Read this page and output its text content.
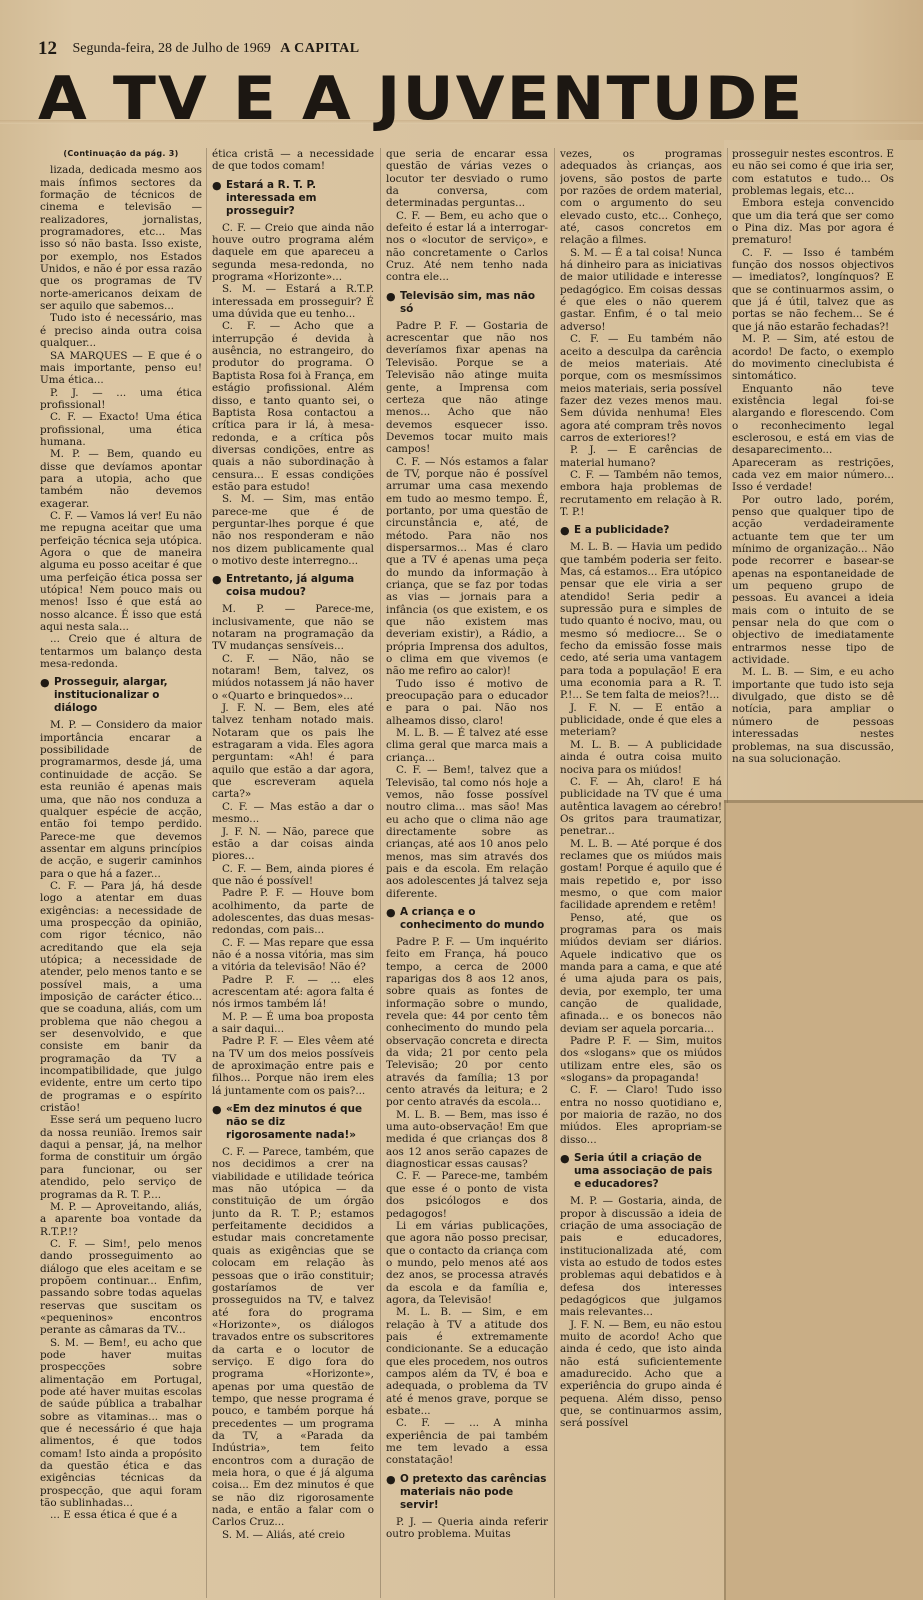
12 Segunda-feira, 28 de Julho de 1969 A CAPITAL
A TV E A JUVENTUDE
(Continuação da pág. 3)

lizada, dedicada mesmo aos mais ínfimos sectores da formação de técnicos de cinema e televisão — realizadores, jornalistas, programadores, etc... Mas isso só não basta. Isso existe, por exemplo, nos Estados Unidos, e não é por essa razão que os programas de TV norte-americanos deixam de ser aquilo que sabemos...

Tudo isto é necessário, mas é preciso ainda outra coisa qualquer...

SA MARQUES — E que é o mais importante, penso eu! Uma ética...

P. J. — ... uma ética profissional!

C. F. — Exacto! Uma ética profissional, uma ética humana.

M. P. — Bem, quando eu disse que devíamos apontar para a utopia, acho que também não devemos exagerar.

C. F. — Vamos lá ver! Eu não me repugna aceitar que uma perfeição técnica seja utópica. Agora o que de maneira alguma eu posso aceitar é que uma perfeição ética possa ser utópica! Nem pouco mais ou menos! Isso é que está ao nosso alcance. É isso que está aqui nesta sala...

... Creio que é altura de tentarmos um balanço desta mesa-redonda.

● Prosseguir, alargar, institucionalizar o diálogo

M. P. — Considero da maior importância encarar a possibilidade de programarmos, desde já, uma continuidade de acção. Se esta reunião é apenas mais uma, que não nos conduza a qualquer espécie de acção, então foi tempo perdido. Parece-me que devemos assentar em alguns princípios de acção, e sugerir caminhos para o que há a fazer...

C. F. — Para já, há desde logo a atentar em duas exigências: a necessidade de uma prospecção da opinião, com rigor técnico, não acreditando que ela seja utópica; a necessidade de atender, pelo menos tanto e se possível mais, a uma imposição de carácter ético... que se coaduna, aliás, com um problema que não chegou a ser desenvolvido, e que consiste em banir da programação da TV a incompatibilidade, que julgo evidente, entre um certo tipo de programas e o espírito cristão!

Esse será um pequeno lucro da nossa reunião. Iremos sair daqui a pensar, já, na melhor forma de constituir um órgão para funcionar, ou ser atendido, pelo serviço de programas da R. T. P....

M. P. — Aproveitando, aliás, a aparente boa vontade da R.T.P.!?

C. F. — Sim!, pelo menos dando prosseguimento ao diálogo que eles aceitam e se propõem continuar... Enfim, passando sobre todas aquelas reservas que suscitam os «pequeninos» encontros perante as câmaras da TV...

S. M. — Bem!, eu acho que pode haver muitas prospecções sobre alimentação em Portugal, pode até haver muitas escolas de saúde pública a trabalhar sobre as vitaminas... mas o que é necessário é que haja alimentos, é que todos comam! Isto ainda a propósito da questão ética e das exigências técnicas da prospecção, que aqui foram tão sublinhadas...

... E essa ética é que é a

ética cristã — a necessidade de que todos comam!

● Estará a R. T. P. interessada em prosseguir?

C. F. — Creio que ainda não houve outro programa além daquele em que apareceu a segunda mesa-redonda, no programa «Horizonte»...

S. M. — Estará a R.T.P. interessada em prosseguir? É uma dúvida que eu tenho...

C. F. — Acho que a interrupção é devida à ausência, no estrangeiro, do produtor do programa. O Baptista Rosa foi à França, em estágio profissional. Além disso, e tanto quanto sei, o Baptista Rosa contactou a crítica para ir lá, à mesa-redonda, e a crítica pôs diversas condições, entre as quais a não subordinação à censura... E essas condições estão para estudo!

S. M. — Sim, mas então parece-me que é de perguntar-lhes porque é que não nos responderam e não nos dizem publicamente qual o motivo deste interregno...

● Entretanto, já alguma coisa mudou?

M. P. — Parece-me, inclusivamente, que não se notaram na programação da TV mudanças sensíveis...

C. F. — Não, não se notaram! Bem, talvez, os miúdos notassem já não haver o «Quarto e brinquedos»...

J. F. N. — Bem, eles até talvez tenham notado mais. Notaram que os pais lhe estragaram a vida. Eles agora perguntam: «Ah! é para aquilo que estão a dar agora, que escreveram aquela carta?»

C. F. — Mas estão a dar o mesmo...

J. F. N. — Não, parece que estão a dar coisas ainda piores...

C. F. — Bem, ainda piores é que não é possível!

Padre P. F. — Houve bom acolhimento, da parte de adolescentes, das duas mesas-redondas, com pais...

C. F. — Mas repare que essa não é a nossa vitória, mas sim a vitória da televisão! Não é?

Padre P. F. — ... eles acrescentam até: agora falta é nós irmos também lá!

M. P. — É uma boa proposta a sair daqui...

Padre P. F. — Eles vêem até na TV um dos meios possíveis de aproximação entre pais e filhos... Porque não irem eles lá juntamente com os pais?...

● «Em dez minutos é que não se diz rigorosamente nada!»

C. F. — Parece, também, que nos decidimos a crer na viabilidade e utilidade teórica mas não utópica — da constituição de um órgão junto da R. T. P.; estamos perfeitamente decididos a estudar mais concretamente quais as exigências que se colocam em relação às pessoas que o irão constituir; gostaríamos de ver prosseguidos na TV, e talvez até fora do programa «Horizonte», os diálogos travados entre os subscritores da carta e o locutor de serviço. E digo fora do programa «Horizonte», apenas por uma questão de tempo, que nesse programa é pouco, e também porque há precedentes — um programa da TV, a «Parada da Indústria», tem feito encontros com a duração de meia hora, o que é já alguma coisa... Em dez minutos é que se não diz rigorosamente nada, e então a falar com o Carlos Cruz...

S. M. — Aliás, até creio

que seria de encarar essa questão de várias vezes o locutor ter desviado o rumo da conversa, com determinadas perguntas...

C. F. — Bem, eu acho que o defeito é estar lá a interrogar-nos o «locutor de serviço», e não concretamente o Carlos Cruz. Até nem tenho nada contra ele...

● Televisão sim, mas não só

Padre P. F. — Gostaria de acrescentar que não nos deveríamos fixar apenas na Televisão. Porque se a Televisão não atinge muita gente, a Imprensa com certeza que não atinge menos... Acho que não devemos esquecer isso. Devemos tocar muito mais campos!

C. F. — Nós estamos a falar de TV, porque não é possível arrumar uma casa mexendo em tudo ao mesmo tempo. É, portanto, por uma questão de circunstância e, até, de método. Para não nos dispersarmos... Mas é claro que a TV é apenas uma peça do mundo da informação à criança, que se faz por todas as vias — jornais para a infância (os que existem, e os que não existem mas deveriam existir), a Rádio, a própria Imprensa dos adultos, o clima em que vivemos (e não me refiro ao calor)!

Tudo isso é motivo de preocupação para o educador e para o pai. Não nos alheamos disso, claro!

M. L. B. — É talvez até esse clima geral que marca mais a criança...

C. F. — Bem!, talvez que a Televisão, tal como nós hoje a vemos, não fosse possível noutro clima... mas são! Mas eu acho que o clima não age directamente sobre as crianças, até aos 10 anos pelo menos, mas sim através dos pais e da escola. Em relação aos adolescentes já talvez seja diferente.

● A criança e o conhecimento do mundo

Padre P. F. — Um inquérito feito em França, há pouco tempo, a cerca de 2000 raparigas dos 8 aos 12 anos, sobre quais as fontes de informação sobre o mundo, revela que: 44 por cento têm conhecimento do mundo pela observação concreta e directa da vida; 21 por cento pela Televisão; 20 por cento através da família; 13 por cento através da leitura; e 2 por cento através da escola...

M. L. B. — Bem, mas isso é uma auto-observação! Em que medida é que crianças dos 8 aos 12 anos serão capazes de diagnosticar essas causas?

C. F. — Parece-me, também que esse é o ponto de vista dos psicólogos e dos pedagogos!

Li em várias publicações, que agora não posso precisar, que o contacto da criança com o mundo, pelo menos até aos dez anos, se processa através da escola e da família e, agora, da Televisão!

M. L. B. — Sim, e em relação à TV a atitude dos pais é extremamente condicionante. Se a educação que eles procedem, nos outros campos além da TV, é boa e adequada, o problema da TV até é menos grave, porque se esbate...

C. F. — ... A minha experiência de pai também me tem levado a essa constatação!

● O pretexto das carências materiais não pode servir!

P. J. — Queria ainda referir outro problema. Muitas

vezes, os programas adequados às crianças, aos jovens, são postos de parte por razões de ordem material, com o argumento do seu elevado custo, etc... Conheço, até, casos concretos em relação a filmes.

S. M. — É a tal coisa! Nunca há dinheiro para as iniciativas de maior utilidade e interesse pedagógico. Em coisas dessas é que eles o não querem gastar. Enfim, é o tal meio adverso!

C. F. — Eu também não aceito a desculpa da carência de meios materiais. Até porque, com os mesmíssimos meios materiais, seria possível fazer dez vezes menos mau. Sem dúvida nenhuma! Eles agora até compram três novos carros de exteriores!?

P. J. — E carências de material humano?

C. F. — Também não temos, embora haja problemas de recrutamento em relação à R. T. P.!

● E a publicidade?

M. L. B. — Havia um pedido que também poderia ser feito. Mas, cá estamos... Era utópico pensar que ele viria a ser atendido! Seria pedir a supressão pura e simples de tudo quanto é nocivo, mau, ou mesmo só mediocre... Se o fecho da emissão fosse mais cedo, até seria uma vantagem para toda a população! E era uma economia para a R. T. P.!... Se tem falta de meios?!...

J. F. N. — E então a publicidade, onde é que eles a meteriam?

M. L. B. — A publicidade ainda é outra coisa muito nociva para os miúdos!

C. F. — Ah, claro! E há publicidade na TV que é uma autêntica lavagem ao cérebro! Os gritos para traumatizar, penetrar...

M. L. B. — Até porque é dos reclames que os miúdos mais gostam! Porque é aquilo que é mais repetido e, por isso mesmo, o que com maior facilidade aprendem e retêm!

Penso, até, que os programas para os mais miúdos deviam ser diários. Aquele indicativo que os manda para a cama, e que até é uma ajuda para os pais, devia, por exemplo, ter uma canção de qualidade, afinada... e os bonecos não deviam ser aquela porcaria...

Padre P. F. — Sim, muitos dos «slogans» que os miúdos utilizam entre eles, são os «slogans» da propaganda!

C. F. — Claro! Tudo isso entra no nosso quotidiano e, por maioria de razão, no dos miúdos. Eles apropriam-se disso...

● Seria útil a criação de uma associação de pais e educadores?

M. P. — Gostaria, ainda, de propor à discussão a ideia de criação de uma associação de pais e educadores, institucionalizada até, com vista ao estudo de todos estes problemas aqui debatidos e à defesa dos interesses pedagógicos que julgamos mais relevantes...

J. F. N. — Bem, eu não estou muito de acordo! Acho que ainda é cedo, que isto ainda não está suficientemente amadurecido. Acho que a experiência do grupo ainda é pequena. Além disso, penso que, se continuarmos assim, será possível

prosseguir nestes escontros. E eu não sei como é que iria ser, com estatutos e tudo... Os problemas legais, etc...

Embora esteja convencido que um dia terá que ser como o Pina diz. Mas por agora é prematuro!

C. F. — Isso é também função dos nossos objectivos — imediatos?, longínquos? E que se continuarmos assim, o que já é útil, talvez que as portas se não fechem... Se é que já não estarão fechadas?!

M. P. — Sim, até estou de acordo! De facto, o exemplo do movimento cineclubista é sintomático.

Enquanto não teve existência legal foi-se alargando e florescendo. Com o reconhecimento legal esclerosou, e está em vias de desaparecimento... Apareceram as restrições, cada vez em maior número... Isso é verdade!

Por outro lado, porém, penso que qualquer tipo de acção verdadeiramente actuante tem que ter um mínimo de organização... Não pode recorrer e basear-se apenas na espontaneidade de um pequeno grupo de pessoas. Eu avancei a ideia mais com o intuito de se pensar nela do que com o objectivo de imediatamente entrarmos nesse tipo de actividade.

M. L. B. — Sim, e eu acho importante que tudo isto seja divulgado, que disto se dê notícia, para ampliar o número de pessoas interessadas nestes problemas, na sua discussão, na sua solucionação.
